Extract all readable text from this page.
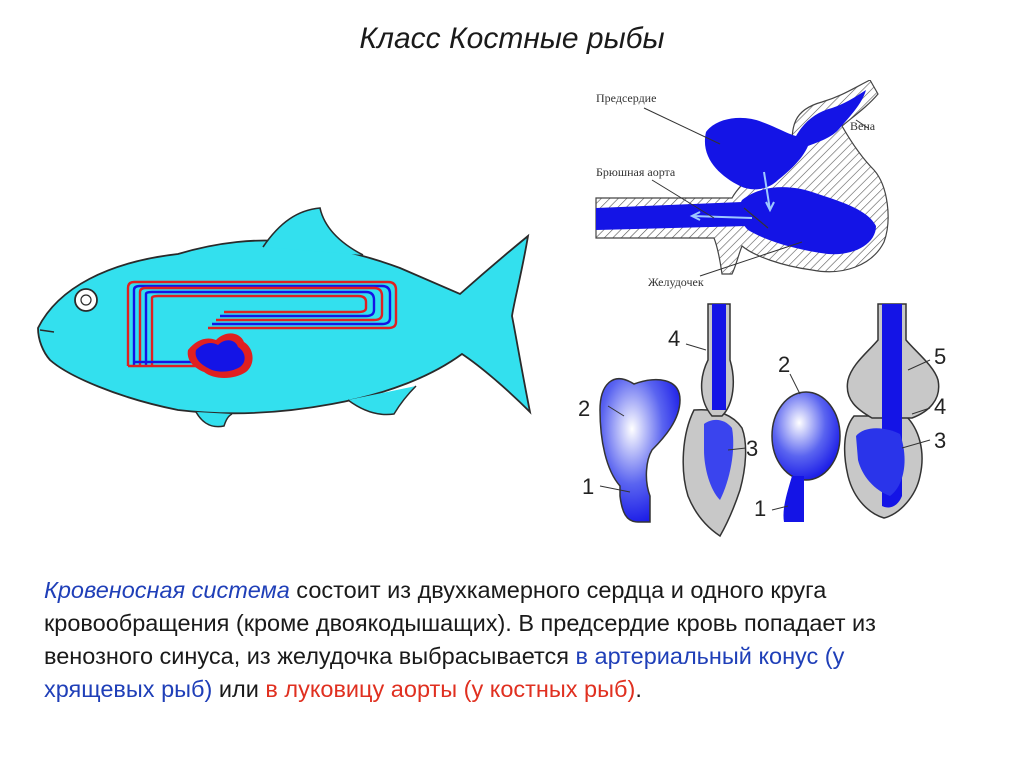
Класс Костные рыбы
Предсердие
Вена
Брюшная аорта
Желудочек
4
2
3
1
2	5
4
3
1
Кровеносная система состоит из двухкамерного сердца и одного круга кровообращения (кроме двоякодышащих). В предсердие кровь попадает из венозного синуса, из желудочка выбрасывается в артериальный конус (у хрящевых рыб) или в луковицу аорты (у костных рыб).
